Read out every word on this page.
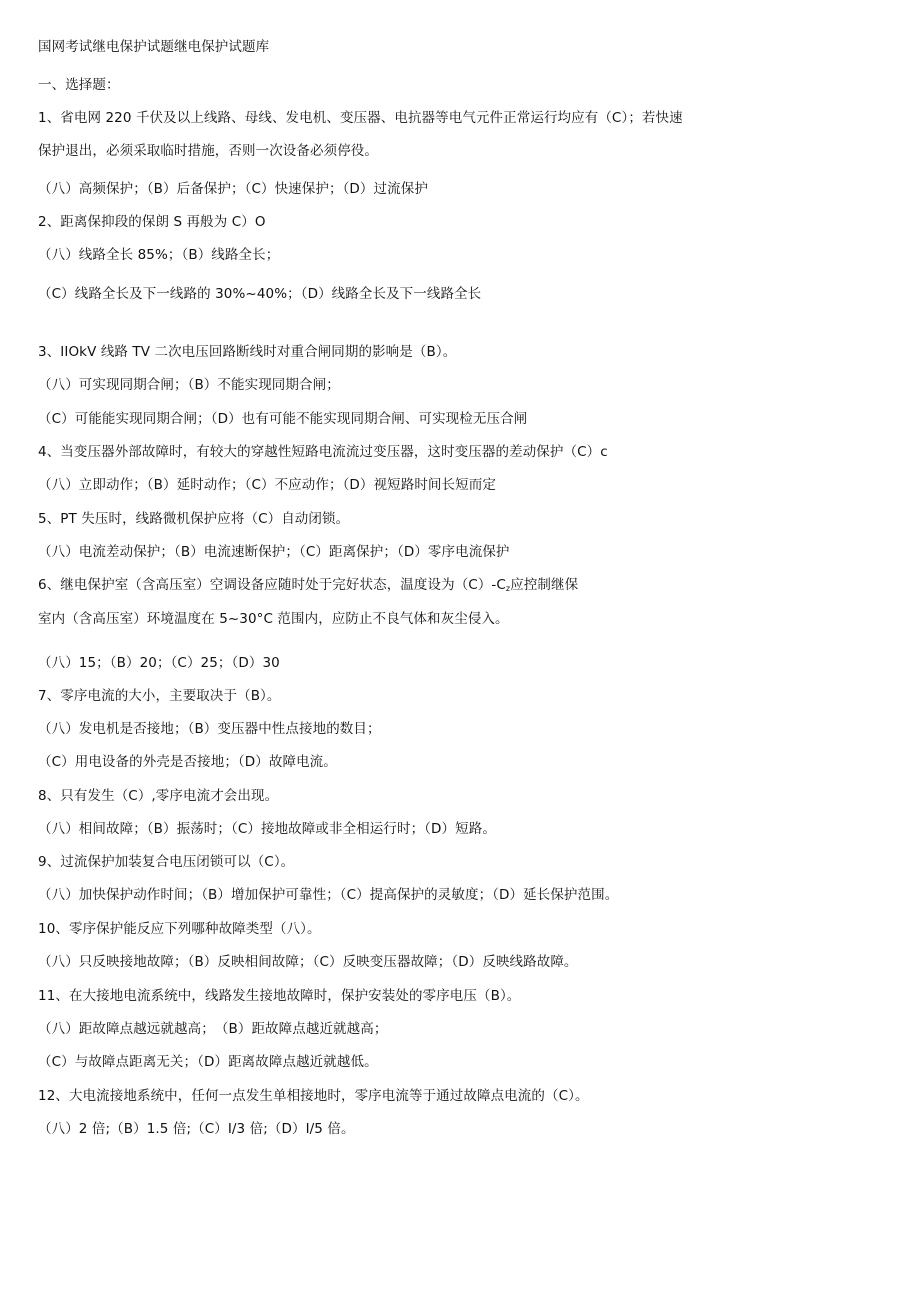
国网考试继电保护试题继电保护试题库
一、选择题：
1、省电网 220 千伏及以上线路、母线、发电机、变压器、电抗器等电气元件正常运行均应有（C）；若快速
保护退出，必须采取临时措施，否则一次设备必须停役。
（八）高频保护；（B）后备保护；（C）快速保护；（D）过流保护
2、距离保抑段的保朗 S 再般为 C）O
（八）线路全长 85%；（B）线路全长；
（C）线路全长及下一线路的 30%~40%；（D）线路全长及下一线路全长
3、IIOkV 线路 TV 二次电压回路断线时对重合闸同期的影响是（B）。
（八）可实现同期合闸；（B）不能实现同期合闸；
（C）可能能实现同期合闸；（D）也有可能不能实现同期合闸、可实现检无压合闸
4、当变压器外部故障时，有较大的穿越性短路电流流过变压器，这时变压器的差动保护（C）c
（八）立即动作；（B）延时动作；（C）不应动作；（D）视短路时间长短而定
5、PT 失压时，线路微机保护应将（C）自动闭锁。
（八）电流差动保护；（B）电流速断保护；（C）距离保护；（D）零序电流保护
6、继电保护室（含高压室）空调设备应随时处于完好状态，温度设为$(C)-C_z$应控制继保
室内（含高压室）环境温度在 5~30°C 范围内，应防止不良气体和灰尘侵入。
（八）15；（B）20；（C）25；（D）30
7、零序电流的大小，主要取决于（B）。
（八）发电机是否接地；（B）变压器中性点接地的数目；
（C）用电设备的外壳是否接地；（D）故障电流。
8、只有发生（C）,零序电流才会出现。
（八）相间故障；（B）振荡时；（C）接地故障或非全相运行时；（D）短路。
9、过流保护加装复合电压闭锁可以（C）。
（八）加快保护动作时间；（B）增加保护可靠性；（C）提高保护的灵敏度；（D）延长保护范围。
10、零序保护能反应下列哪种故障类型（八）。
（八）只反映接地故障；（B）反映相间故障；（C）反映变压器故障；（D）反映线路故障。
11、在大接地电流系统中，线路发生接地故障时，保护安装处的零序电压（B）。
（八）距故障点越远就越高；　（B）距故障点越近就越高；
（C）与故障点距离无关；（D）距离故障点越近就越低。
12、大电流接地系统中，任何一点发生单相接地时，零序电流等于通过故障点电流的（C）。
（八）2 倍;（B）1.5 倍;（C）I/3 倍;（D）I/5 倍。
